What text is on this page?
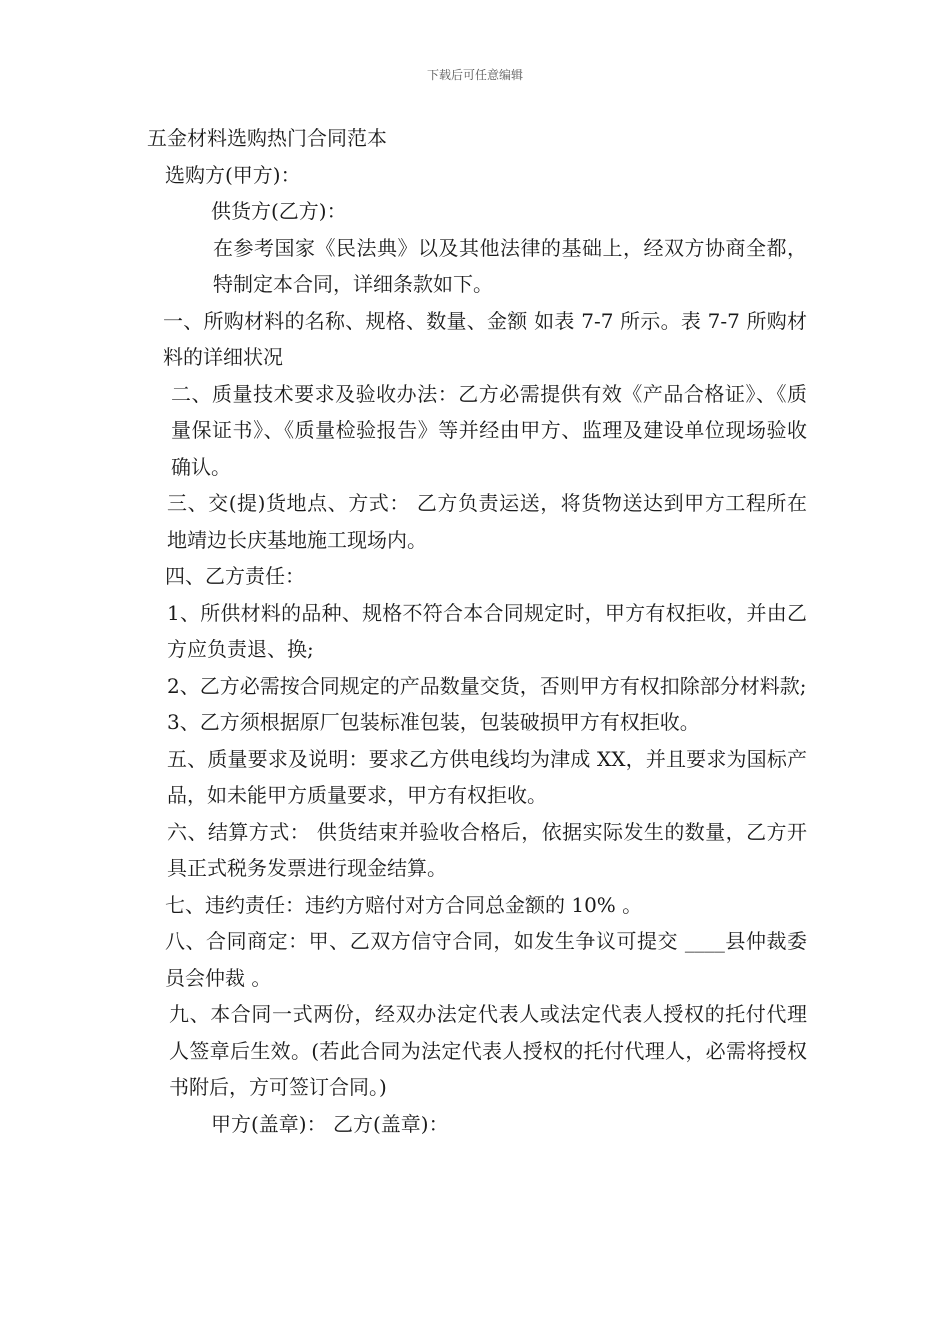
下载后可任意编辑

五金材料选购热门合同范本

选购方(甲方)：

供货方(乙方)：

在参考国家《民法典》以及其他法律的基础上，经双方协商全都，特制定本合同，详细条款如下。

一、所购材料的名称、规格、数量、金额 如表 7-7 所示。表 7-7 所购材料的详细状况

二、质量技术要求及验收办法：乙方必需提供有效《产品合格证》、《质量保证书》、《质量检验报告》等并经由甲方、监理及建设单位现场验收确认。

三、交(提)货地点、方式： 乙方负责运送，将货物送达到甲方工程所在地靖边长庆基地施工现场内。

四、乙方责任：

1、所供材料的品种、规格不符合本合同规定时，甲方有权拒收，并由乙方应负责退、换;

2、乙方必需按合同规定的产品数量交货，否则甲方有权扣除部分材料款;

3、乙方须根据原厂包装标准包装，包装破损甲方有权拒收。

五、质量要求及说明：要求乙方供电线均为津成 XX，并且要求为国标产品，如未能甲方质量要求，甲方有权拒收。

六、结算方式： 供货结束并验收合格后，依据实际发生的数量，乙方开具正式税务发票进行现金结算。

七、违约责任：违约方赔付对方合同总金额的 10% 。

八、合同商定：甲、乙双方信守合同，如发生争议可提交 ____县仲裁委员会仲裁 。

九、本合同一式两份，经双办法定代表人或法定代表人授权的托付代理人签章后生效。(若此合同为法定代表人授权的托付代理人，必需将授权书附后，方可签订合同。)

甲方(盖章)： 乙方(盖章)：
